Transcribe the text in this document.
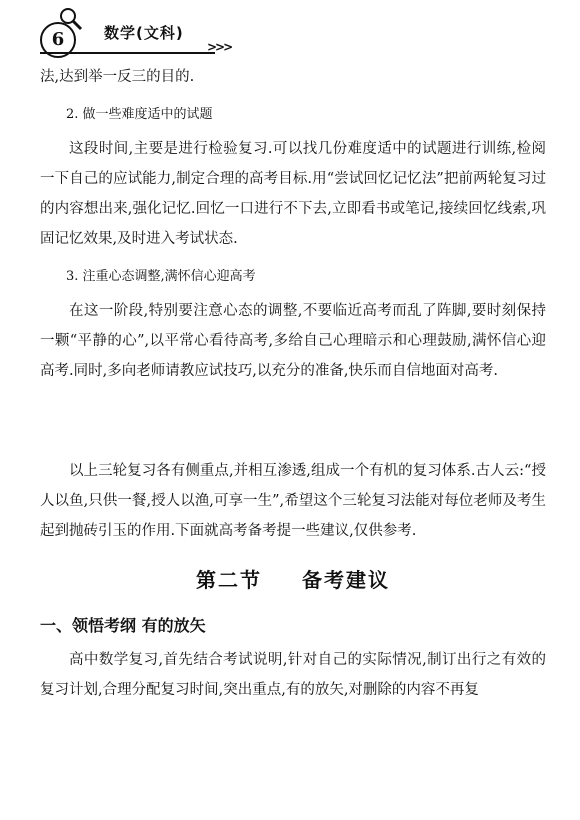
6	数学(文科)
>>>

法,达到举一反三的目的.

2. 做一些难度适中的试题

这段时间,主要是进行检验复习.可以找几份难度适中的试题进行训练,检阅一下自己的应试能力,制定合理的高考目标.用“尝试回忆记忆法”把前两轮复习过的内容想出来,强化记忆.回忆一口进行不下去,立即看书或笔记,接续回忆线索,巩固记忆效果,及时进入考试状态.

3. 注重心态调整,满怀信心迎高考

在这一阶段,特别要注意心态的调整,不要临近高考而乱了阵脚,要时刻保持一颗“平静的心”,以平常心看待高考,多给自己心理暗示和心理鼓励,满怀信心迎高考.同时,多向老师请教应试技巧,以充分的准备,快乐而自信地面对高考.

以上三轮复习各有侧重点,并相互渗透,组成一个有机的复习体系.古人云:“授人以鱼,只供一餐,授人以渔,可享一生”,希望这个三轮复习法能对每位老师及考生起到抛砖引玉的作用.下面就高考备考提一些建议,仅供参考.

第二节 备考建议
一、领悟考纲 有的放矢

高中数学复习,首先结合考试说明,针对自己的实际情况,制订出行之有效的复习计划,合理分配复习时间,突出重点,有的放矢,对删除的内容不再复
